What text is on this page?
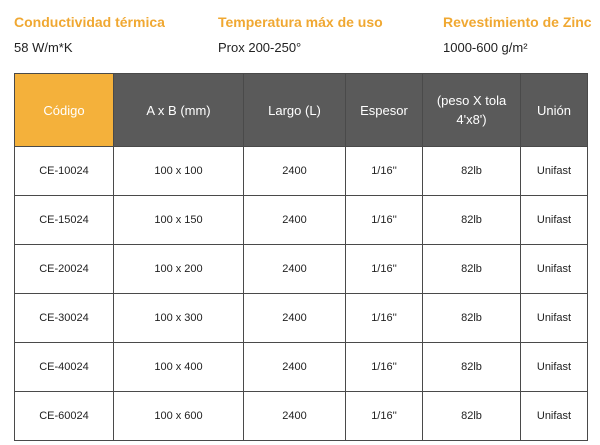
Conductividad térmica
58 W/m*K
Temperatura máx de uso
Prox 200-250°
Revestimiento de Zinc
1000-600 g/m²
Código	A x B (mm)	Largo (L)	Espesor	(peso X tola 4'x8')	Unión
CE-10024	100 x 100	2400	1/16''	82lb	Unifast
CE-15024	100 x 150	2400	1/16''	82lb	Unifast
CE-20024	100 x 200	2400	1/16''	82lb	Unifast
CE-30024	100 x 300	2400	1/16''	82lb	Unifast
CE-40024	100 x 400	2400	1/16''	82lb	Unifast
CE-60024	100 x 600	2400	1/16''	82lb	Unifast
